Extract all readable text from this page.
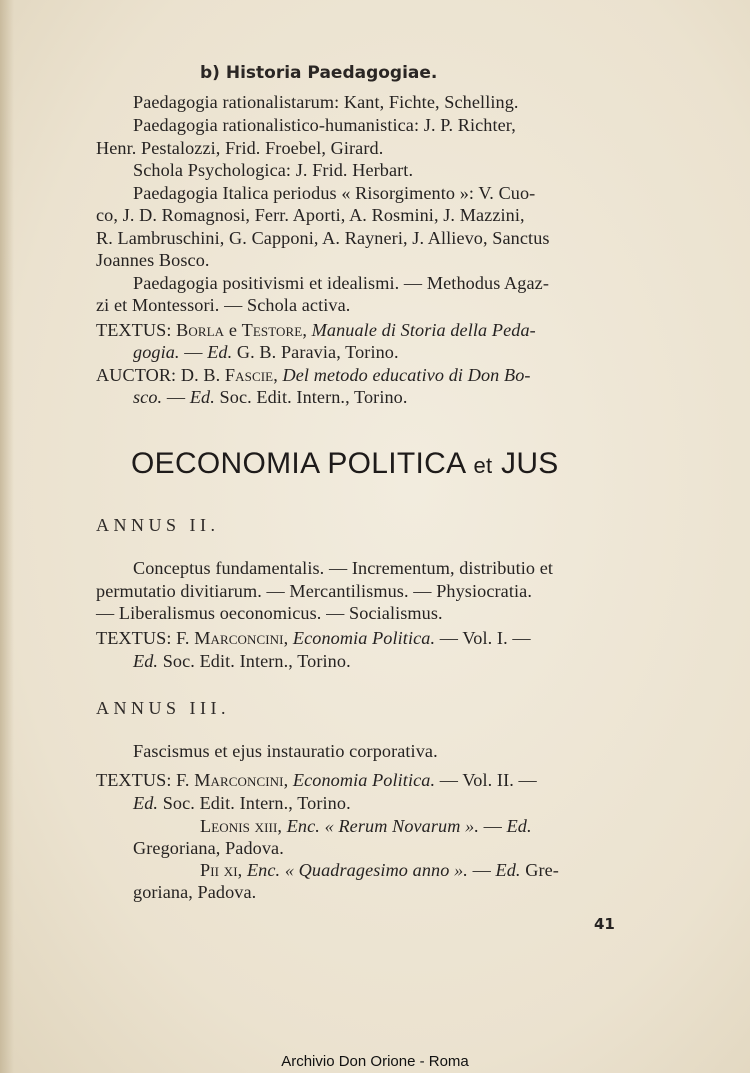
b) Historia Paedagogiae.
Paedagogia rationalistarum: Kant, Fichte, Schelling.
Paedagogia rationalistico-humanistica: J. P. Richter,
Henr. Pestalozzi, Frid. Froebel, Girard.
Schola Psychologica: J. Frid. Herbart.
Paedagogia Italica periodus « Risorgimento »: V. Cuo-
co, J. D. Romagnosi, Ferr. Aporti, A. Rosmini, J. Mazzini,
R. Lambruschini, G. Capponi, A. Rayneri, J. Allievo, Sanctus
Joannes Bosco.
Paedagogia positivismi et idealismi. — Methodus Agaz-
zi et Montessori. — Schola activa.
TEXTUS: Borla e Testore, Manuale di Storia della Peda-
gogia. — Ed. G. B. Paravia, Torino.
AUCTOR: D. B. Fascie, Del metodo educativo di Don Bo-
sco. — Ed. Soc. Edit. Intern., Torino.
OECONOMIA POLITICA et JUS
ANNUS II.
Conceptus fundamentalis. — Incrementum, distributio et
permutatio divitiarum. — Mercantilismus. — Physiocratia.
— Liberalismus oeconomicus. — Socialismus.
TEXTUS: F. Marconcini, Economia Politica. — Vol. I. —
Ed. Soc. Edit. Intern., Torino.
ANNUS III.
Fascismus et ejus instauratio corporativa.
TEXTUS: F. Marconcini, Economia Politica. — Vol. II. —
Ed. Soc. Edit. Intern., Torino.
Leonis xiii, Enc. « Rerum Novarum ». — Ed.
Gregoriana, Padova.
Pii xi, Enc. « Quadragesimo anno ». — Ed. Gre-
goriana, Padova.
41
Archivio Don Orione - Roma
